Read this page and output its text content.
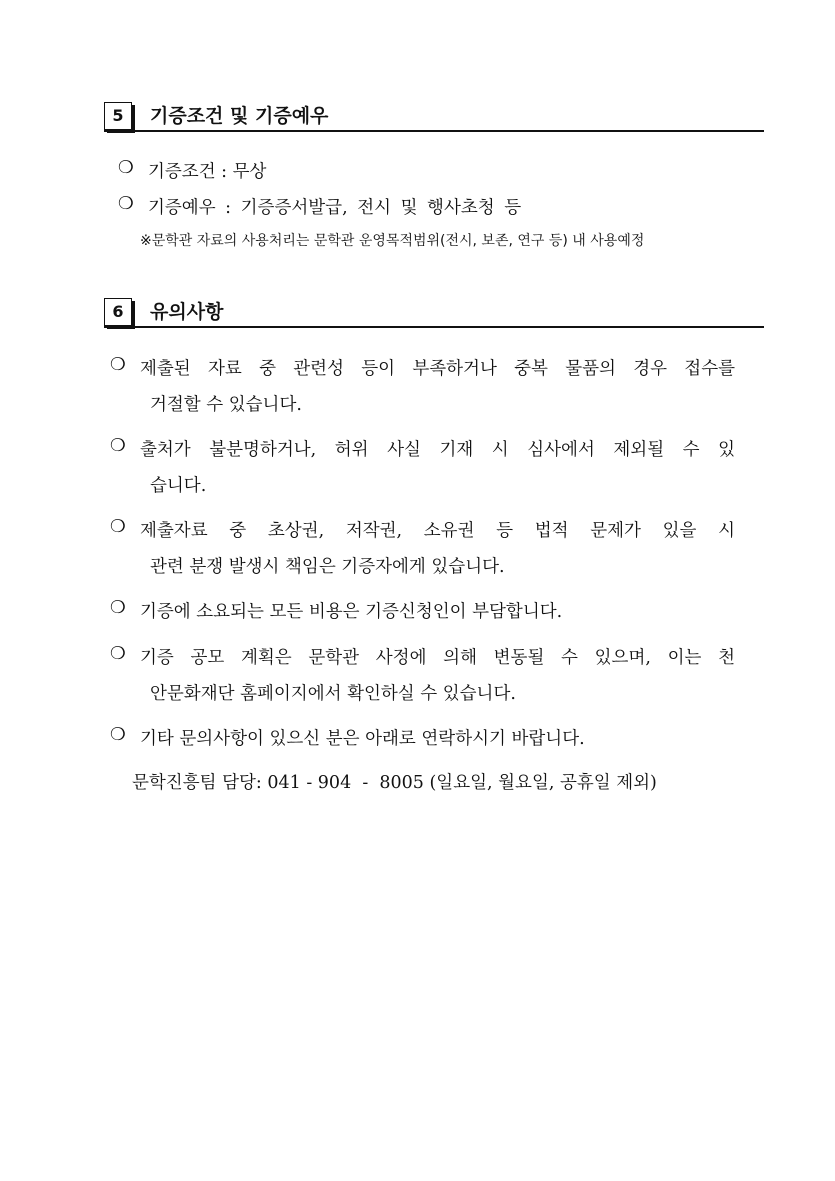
5	기증조건 및 기증예우
❍ 기증조건 : 무상
❍ 기증예우 : 기증증서발급, 전시 및 행사초청 등
※문학관 자료의 사용처리는 문학관 운영목적범위(전시, 보존, 연구 등) 내 사용예정
6	유의사항
❍ 제출된 자료 중 관련성 등이 부족하거나 중복 물품의 경우 접수를
거절할 수 있습니다.
❍ 출처가 불분명하거나, 허위 사실 기재 시 심사에서 제외될 수 있
습니다.
❍ 제출자료 중 초상권, 저작권, 소유권 등 법적 문제가 있을 시
관련 분쟁 발생시 책임은 기증자에게 있습니다.
❍ 기증에 소요되는 모든 비용은 기증신청인이 부담합니다.
❍ 기증 공모 계획은 문학관 사정에 의해 변동될 수 있으며, 이는 천
안문화재단 홈페이지에서 확인하실 수 있습니다.
❍ 기타 문의사항이 있으신 분은 아래로 연락하시기 바랍니다.
문학진흥팀 담당: 041 - 904  -  8005 (일요일, 월요일, 공휴일 제외)
